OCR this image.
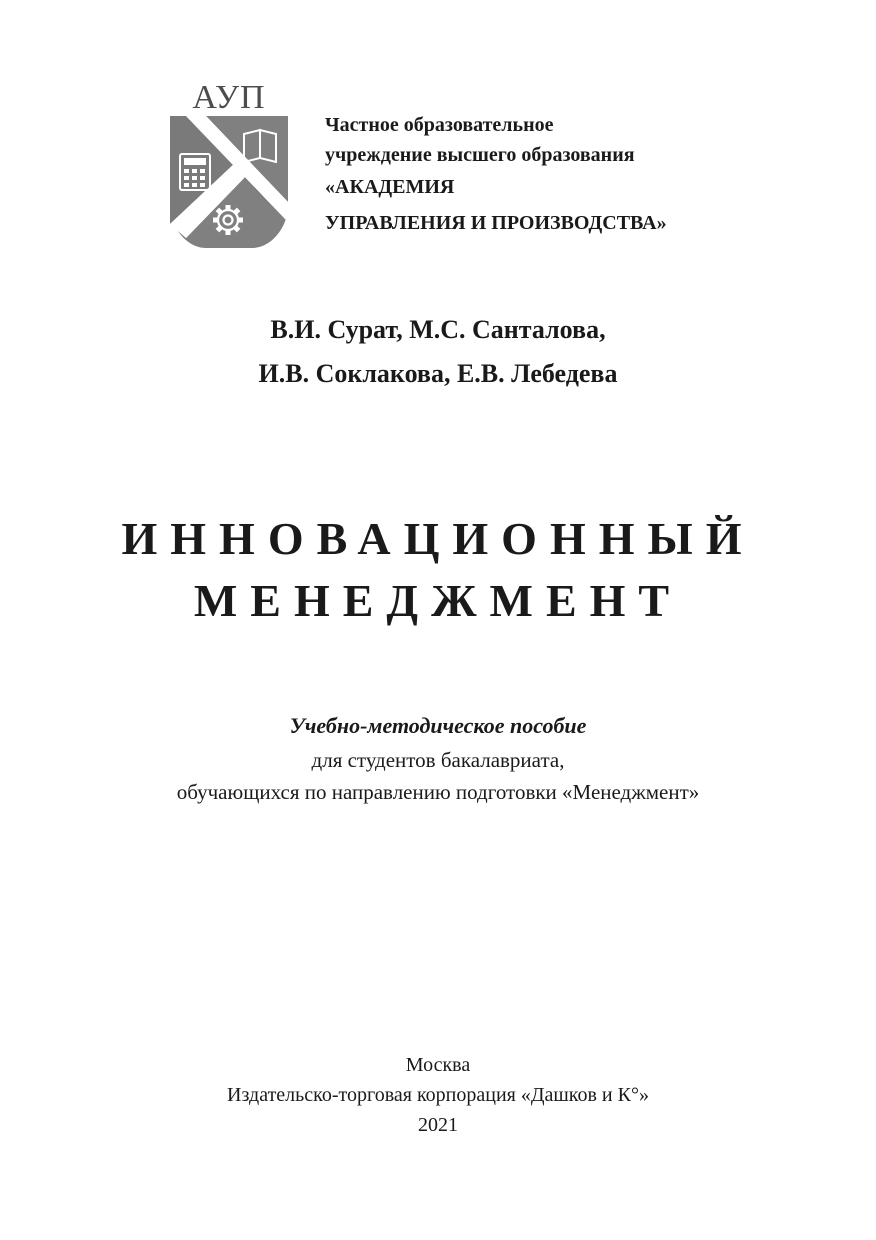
АУП
Частное образовательное
учреждение высшего образования
«АКАДЕМИЯ
УПРАВЛЕНИЯ И ПРОИЗВОДСТВА»
В.И. Сурат, М.С. Санталова,
И.В. Соклакова, Е.В. Лебедева
ИННОВАЦИОННЫЙ
МЕНЕДЖМЕНТ
Учебно-методическое пособие
для студентов бакалавриата,
обучающихся по направлению подготовки «Менеджмент»
Москва
Издательско-торговая корпорация «Дашков и К°»
2021
